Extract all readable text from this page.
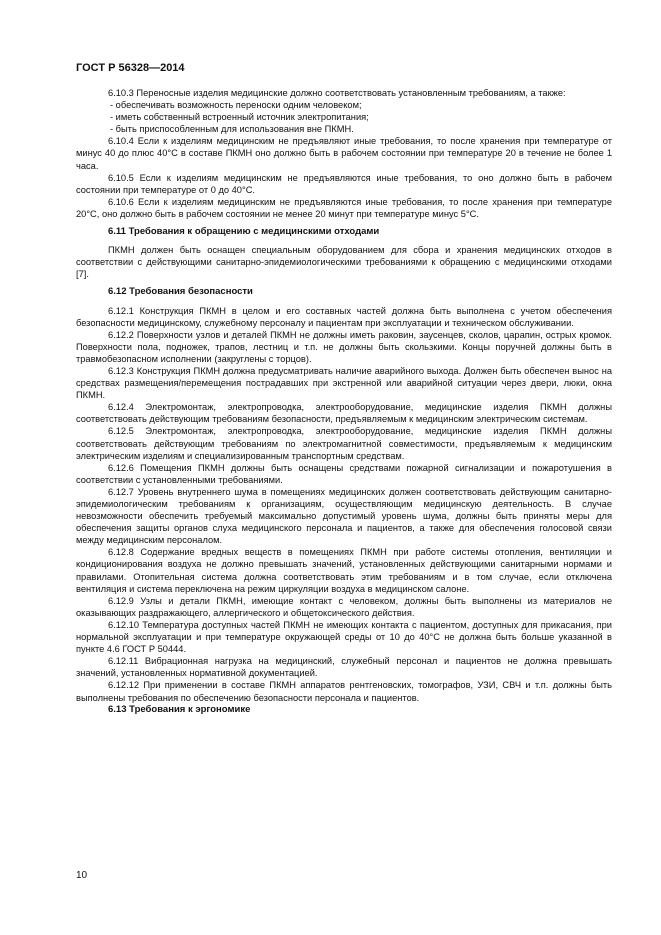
ГОСТ Р 56328—2014

6.10.3 Переносные изделия медицинские должно соответствовать установленным требованиям, а также:

- обеспечивать возможность переноски одним человеком;

- иметь собственный встроенный источник электропитания;

- быть приспособленным для использования вне ПКМН.

6.10.4 Если к изделиям медицинским не предъявляют иные требования, то после хранения при температуре от минус 40 до плюс 40°С в составе ПКМН оно должно быть в рабочем состоянии при температуре 20 в течение не более 1 часа.

6.10.5 Если к изделиям медицинским не предъявляются иные требования, то оно должно быть в рабочем состоянии при температуре от 0 до 40°С.

6.10.6 Если к изделиям медицинским не предъявляются иные требования, то после хранения при температуре 20°С, оно должно быть в рабочем состоянии не менее 20 минут при температуре минус 5°С.

6.11 Требования к обращению с медицинскими отходами

ПКМН должен быть оснащен специальным оборудованием для сбора и хранения медицинских отходов в соответствии с действующими санитарно-эпидемиологическими требованиями к обращению с медицинскими отходами [7].

6.12 Требования безопасности

6.12.1 Конструкция ПКМН в целом и его составных частей должна быть выполнена с учетом обеспечения безопасности медицинскому, служебному персоналу и пациентам при эксплуатации и техническом обслуживании.

6.12.2 Поверхности узлов и деталей ПКМН не должны иметь раковин, заусенцев, сколов, царапин, острых кромок. Поверхности пола, подножек, трапов, лестниц и т.п. не должны быть скользкими. Концы поручней должны быть в травмобезопасном исполнении (закруглены с торцов).

6.12.3 Конструкция ПКМН должна предусматривать наличие аварийного выхода. Должен быть обеспечен вынос на средствах размещения/перемещения пострадавших при экстренной или аварийной ситуации через двери, люки, окна ПКМН.

6.12.4 Электромонтаж, электропроводка, электрооборудование, медицинские изделия ПКМН должны соответствовать действующим требованиям безопасности, предъявляемым к медицинским электрическим системам.

6.12.5 Электромонтаж, электропроводка, электрооборудование, медицинские изделия ПКМН должны соответствовать действующим требованиям по электромагнитной совместимости, предъявляемым к медицинским электрическим изделиям и специализированным транспортным средствам.

6.12.6 Помещения ПКМН должны быть оснащены средствами пожарной сигнализации и пожаротушения в соответствии с установленными требованиями.

6.12.7 Уровень внутреннего шума в помещениях медицинских должен соответствовать действующим санитарно-эпидемиологическим требованиям к организациям, осуществляющим медицинскую деятельность. В случае невозможности обеспечить требуемый максимально допустимый уровень шума, должны быть приняты меры для обеспечения защиты органов слуха медицинского персонала и пациентов, а также для обеспечения голосовой связи между медицинским персоналом.

6.12.8 Содержание вредных веществ в помещениях ПКМН при работе системы отопления, вентиляции и кондиционирования воздуха не должно превышать значений, установленных действующими санитарными нормами и правилами. Отопительная система должна соответствовать этим требованиям и в том случае, если отключена вентиляция и система переключена на режим циркуляции воздуха в медицинском салоне.

6.12.9 Узлы и детали ПКМН, имеющие контакт с человеком, должны быть выполнены из материалов не оказывающих раздражающего, аллергического и общетоксического действия.

6.12.10 Температура доступных частей ПКМН не имеющих контакта с пациентом, доступных для прикасания, при нормальной эксплуатации и при температуре окружающей среды от 10 до 40°С не должна быть больше указанной в пункте 4.6 ГОСТ Р 50444.

6.12.11 Вибрационная нагрузка на медицинский, служебный персонал и пациентов не должна превышать значений, установленных нормативной документацией.

6.12.12 При применении в составе ПКМН аппаратов рентгеновских, томографов, УЗИ, СВЧ и т.п. должны быть выполнены требования по обеспечению безопасности персонала и пациентов.

6.13 Требования к эргономике
10
